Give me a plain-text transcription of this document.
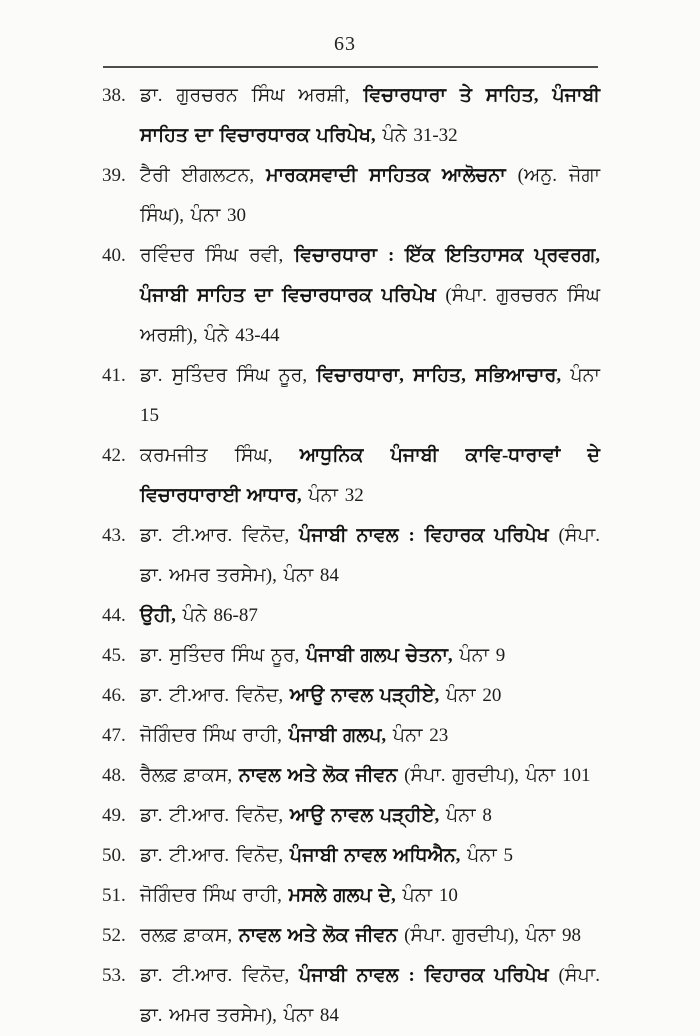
63
38. ਡਾ. ਗੁਰਚਰਨ ਸਿੰਘ ਅਰਸ਼ੀ, ਵਿਚਾਰਧਾਰਾ ਤੇ ਸਾਹਿਤ, ਪੰਜਾਬੀ ਸਾਹਿਤ ਦਾ ਵਿਚਾਰਧਾਰਕ ਪਰਿਪੇਖ, ਪੰਨੇ 31-32
39. ਟੈਰੀ ਈਗਲਟਨ, ਮਾਰਕਸਵਾਦੀ ਸਾਹਿਤਕ ਆਲੋਚਨਾ (ਅਨੁ. ਜੋਗਾ ਸਿੰਘ), ਪੰਨਾ 30
40. ਰਵਿੰਦਰ ਸਿੰਘ ਰਵੀ, ਵਿਚਾਰਧਾਰਾ : ਇੱਕ ਇਤਿਹਾਸਕ ਪ੍ਰਵਰਗ, ਪੰਜਾਬੀ ਸਾਹਿਤ ਦਾ ਵਿਚਾਰਧਾਰਕ ਪਰਿਪੇਖ (ਸੰਪਾ. ਗੁਰਚਰਨ ਸਿੰਘ ਅਰਸ਼ੀ), ਪੰਨੇ 43-44
41. ਡਾ. ਸੁਤਿੰਦਰ ਸਿੰਘ ਨੂਰ, ਵਿਚਾਰਧਾਰਾ, ਸਾਹਿਤ, ਸਭਿਆਚਾਰ, ਪੰਨਾ 15
42. ਕਰਮਜੀਤ ਸਿੰਘ, ਆਧੁਨਿਕ ਪੰਜਾਬੀ ਕਾਵਿ-ਧਾਰਾਵਾਂ ਦੇ ਵਿਚਾਰਧਾਰਾਈ ਆਧਾਰ, ਪੰਨਾ 32
43. ਡਾ. ਟੀ.ਆਰ. ਵਿਨੋਦ, ਪੰਜਾਬੀ ਨਾਵਲ : ਵਿਹਾਰਕ ਪਰਿਪੇਖ (ਸੰਪਾ. ਡਾ. ਅਮਰ ਤਰਸੇਮ), ਪੰਨਾ 84
44. ਉਹੀ, ਪੰਨੇ 86-87
45. ਡਾ. ਸੁਤਿੰਦਰ ਸਿੰਘ ਨੂਰ, ਪੰਜਾਬੀ ਗਲਪ ਚੇਤਨਾ, ਪੰਨਾ 9
46. ਡਾ. ਟੀ.ਆਰ. ਵਿਨੋਦ, ਆਉ ਨਾਵਲ ਪੜ੍ਹੀਏ, ਪੰਨਾ 20
47. ਜੋਗਿੰਦਰ ਸਿੰਘ ਰਾਹੀ, ਪੰਜਾਬੀ ਗਲਪ, ਪੰਨਾ 23
48. ਰੈਲਫ਼ ਫ਼ਾਕਸ, ਨਾਵਲ ਅਤੇ ਲੋਕ ਜੀਵਨ (ਸੰਪਾ. ਗੁਰਦੀਪ), ਪੰਨਾ 101
49. ਡਾ. ਟੀ.ਆਰ. ਵਿਨੋਦ, ਆਉ ਨਾਵਲ ਪੜ੍ਹੀਏ, ਪੰਨਾ 8
50. ਡਾ. ਟੀ.ਆਰ. ਵਿਨੋਦ, ਪੰਜਾਬੀ ਨਾਵਲ ਅਧਿਐਨ, ਪੰਨਾ 5
51. ਜੋਗਿੰਦਰ ਸਿੰਘ ਰਾਹੀ, ਮਸਲੇ ਗਲਪ ਦੇ, ਪੰਨਾ 10
52. ਰਲਫ਼ ਫ਼ਾਕਸ, ਨਾਵਲ ਅਤੇ ਲੋਕ ਜੀਵਨ (ਸੰਪਾ. ਗੁਰਦੀਪ), ਪੰਨਾ 98
53. ਡਾ. ਟੀ.ਆਰ. ਵਿਨੋਦ, ਪੰਜਾਬੀ ਨਾਵਲ : ਵਿਹਾਰਕ ਪਰਿਪੇਖ (ਸੰਪਾ. ਡਾ. ਅਮਰ ਤਰਸੇਮ), ਪੰਨਾ 84
